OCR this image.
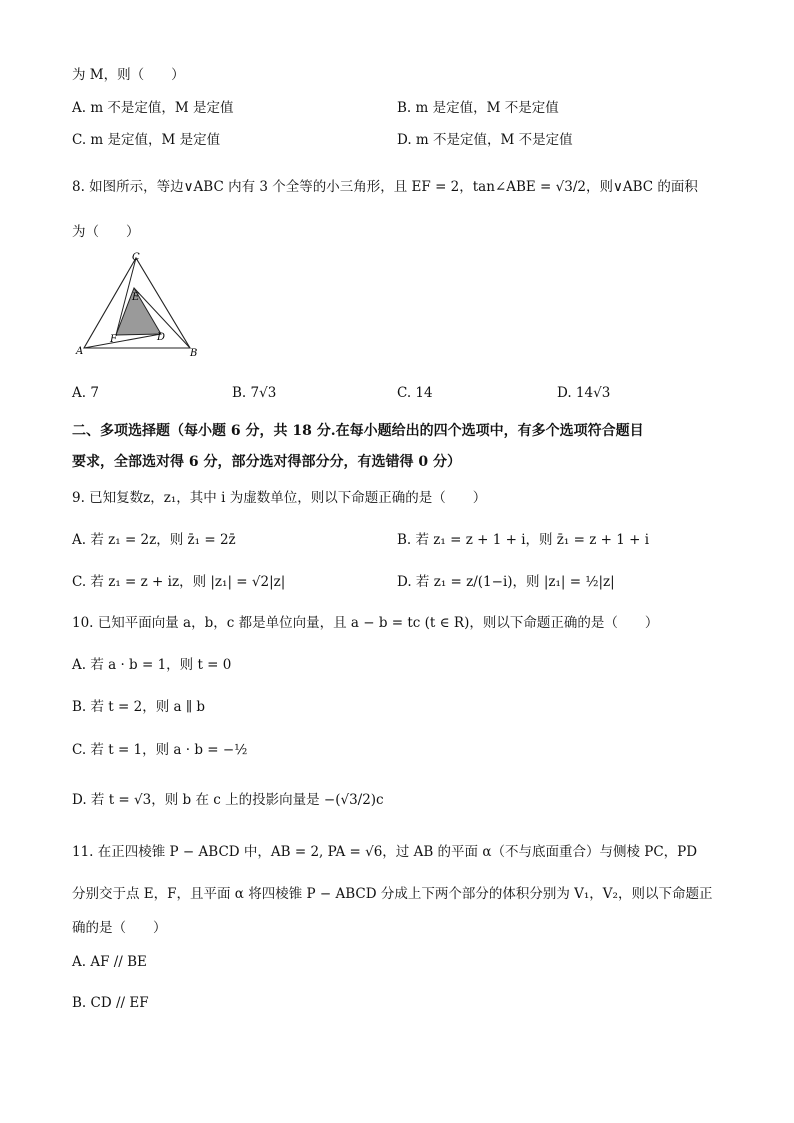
为 M，则（　　）
A. m 不是定值，M 是定值	B. m 是定值，M 不是定值
C. m 是定值，M 是定值	D. m 不是定值，M 不是定值
8. 如图所示，等边∨ABC 内有 3 个全等的小三角形，且 EF = 2，tan∠ABE = √3/2，则∨ABC 的面积
为（　　）
A	B
C
D
E
F
A. 7	B. 7√3	C. 14	D. 14√3
二、多项选择题（每小题 6 分，共 18 分.在每小题给出的四个选项中，有多个选项符合题目
要求，全部选对得 6 分，部分选对得部分分，有选错得 0 分）
9. 已知复数z，z₁，其中 i 为虚数单位，则以下命题正确的是（　　）
A. 若 z₁ = 2z，则 z̄₁ = 2z̄	B. 若 z₁ = z + 1 + i，则 z̄₁ = z + 1 + i
C. 若 z₁ = z + iz，则 |z₁| = √2|z|	D. 若 z₁ = z/(1−i)，则 |z₁| = ½|z|
10. 已知平面向量 a，b，c 都是单位向量，且 a − b = tc (t ∈ R)，则以下命题正确的是（　　）
A. 若 a · b = 1，则 t = 0
B. 若 t = 2，则 a ∥ b
C. 若 t = 1，则 a · b = −½
D. 若 t = √3，则 b 在 c 上的投影向量是 −(√3/2)c
11. 在正四棱锥 P − ABCD 中，AB = 2, PA = √6，过 AB 的平面 α（不与底面重合）与侧棱 PC，PD
分别交于点 E，F，且平面 α 将四棱锥 P − ABCD 分成上下两个部分的体积分别为 V₁，V₂，则以下命题正
确的是（　　）
A. AF // BE
B. CD // EF
